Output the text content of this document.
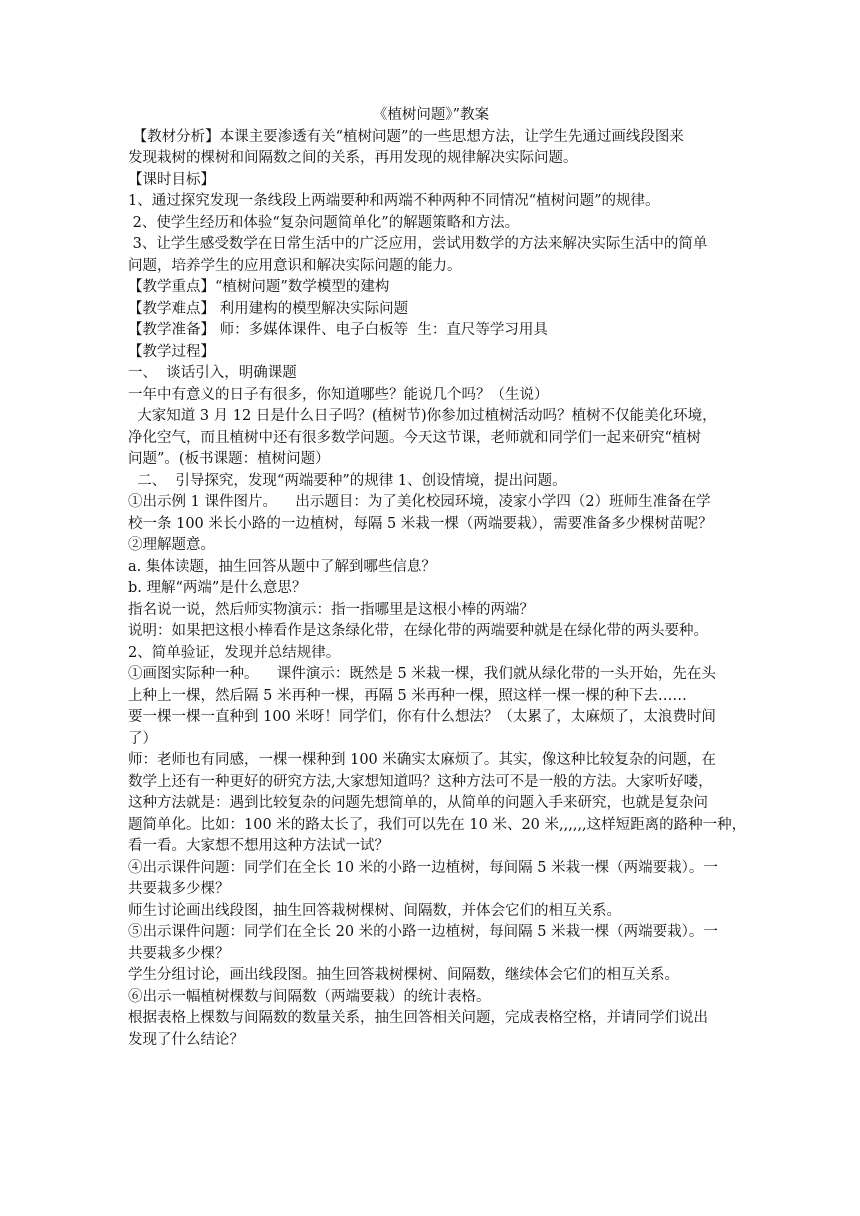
《植树问题》”教案
【教材分析】本课主要渗透有关“植树问题”的一些思想方法，让学生先通过画线段图来
发现栽树的棵树和间隔数之间的关系，再用发现的规律解决实际问题。
【课时目标】
1、通过探究发现一条线段上两端要种和两端不种两种不同情况“植树问题”的规律。
2、使学生经历和体验“复杂问题简单化”的解题策略和方法。
3、让学生感受数学在日常生活中的广泛应用，尝试用数学的方法来解决实际生活中的简单
问题，培养学生的应用意识和解决实际问题的能力。
【教学重点】“植树问题”数学模型的建构
【教学难点】 利用建构的模型解决实际问题
【教学准备】 师：多媒体课件、电子白板等  生：直尺等学习用具
【教学过程】
一、  谈话引入，明确课题
一年中有意义的日子有很多，你知道哪些？能说几个吗？（生说）
大家知道 3 月 12 日是什么日子吗？(植树节)你参加过植树活动吗？植树不仅能美化环境，
净化空气，而且植树中还有很多数学问题。今天这节课，老师就和同学们一起来研究“植树
问题”。(板书课题：植树问题）
二、  引导探究，发现“两端要种”的规律 1、创设情境，提出问题。
①出示例 1 课件图片。    出示题目：为了美化校园环境，凌家小学四（2）班师生准备在学
校一条 100 米长小路的一边植树，每隔 5 米栽一棵（两端要栽），需要准备多少棵树苗呢？
②理解题意。
a. 集体读题，抽生回答从题中了解到哪些信息？
b. 理解“两端”是什么意思？
指名说一说，然后师实物演示：指一指哪里是这根小棒的两端？
说明：如果把这根小棒看作是这条绿化带，在绿化带的两端要种就是在绿化带的两头要种。
2、简单验证，发现并总结规律。
①画图实际种一种。    课件演示：既然是 5 米栽一棵，我们就从绿化带的一头开始，先在头
上种上一棵，然后隔 5 米再种一棵，再隔 5 米再种一棵，照这样一棵一棵的种下去……
要一棵一棵一直种到 100 米呀！同学们，你有什么想法？（太累了，太麻烦了，太浪费时间
了）
师：老师也有同感，一棵一棵种到 100 米确实太麻烦了。其实，像这种比较复杂的问题，在
数学上还有一种更好的研究方法,大家想知道吗？这种方法可不是一般的方法。大家听好喽，
这种方法就是：遇到比较复杂的问题先想简单的，从简单的问题入手来研究，也就是复杂问
题简单化。比如：100 米的路太长了，我们可以先在 10 米、20 米,,,,,,这样短距离的路种一种，
看一看。大家想不想用这种方法试一试？
④出示课件问题：同学们在全长 10 米的小路一边植树，每间隔 5 米栽一棵（两端要栽）。一
共要栽多少棵？
师生讨论画出线段图，抽生回答栽树棵树、间隔数，并体会它们的相互关系。
⑤出示课件问题：同学们在全长 20 米的小路一边植树，每间隔 5 米栽一棵（两端要栽）。一
共要栽多少棵？
学生分组讨论，画出线段图。抽生回答栽树棵树、间隔数，继续体会它们的相互关系。
⑥出示一幅植树棵数与间隔数（两端要栽）的统计表格。
根据表格上棵数与间隔数的数量关系，抽生回答相关问题，完成表格空格，并请同学们说出
发现了什么结论？
